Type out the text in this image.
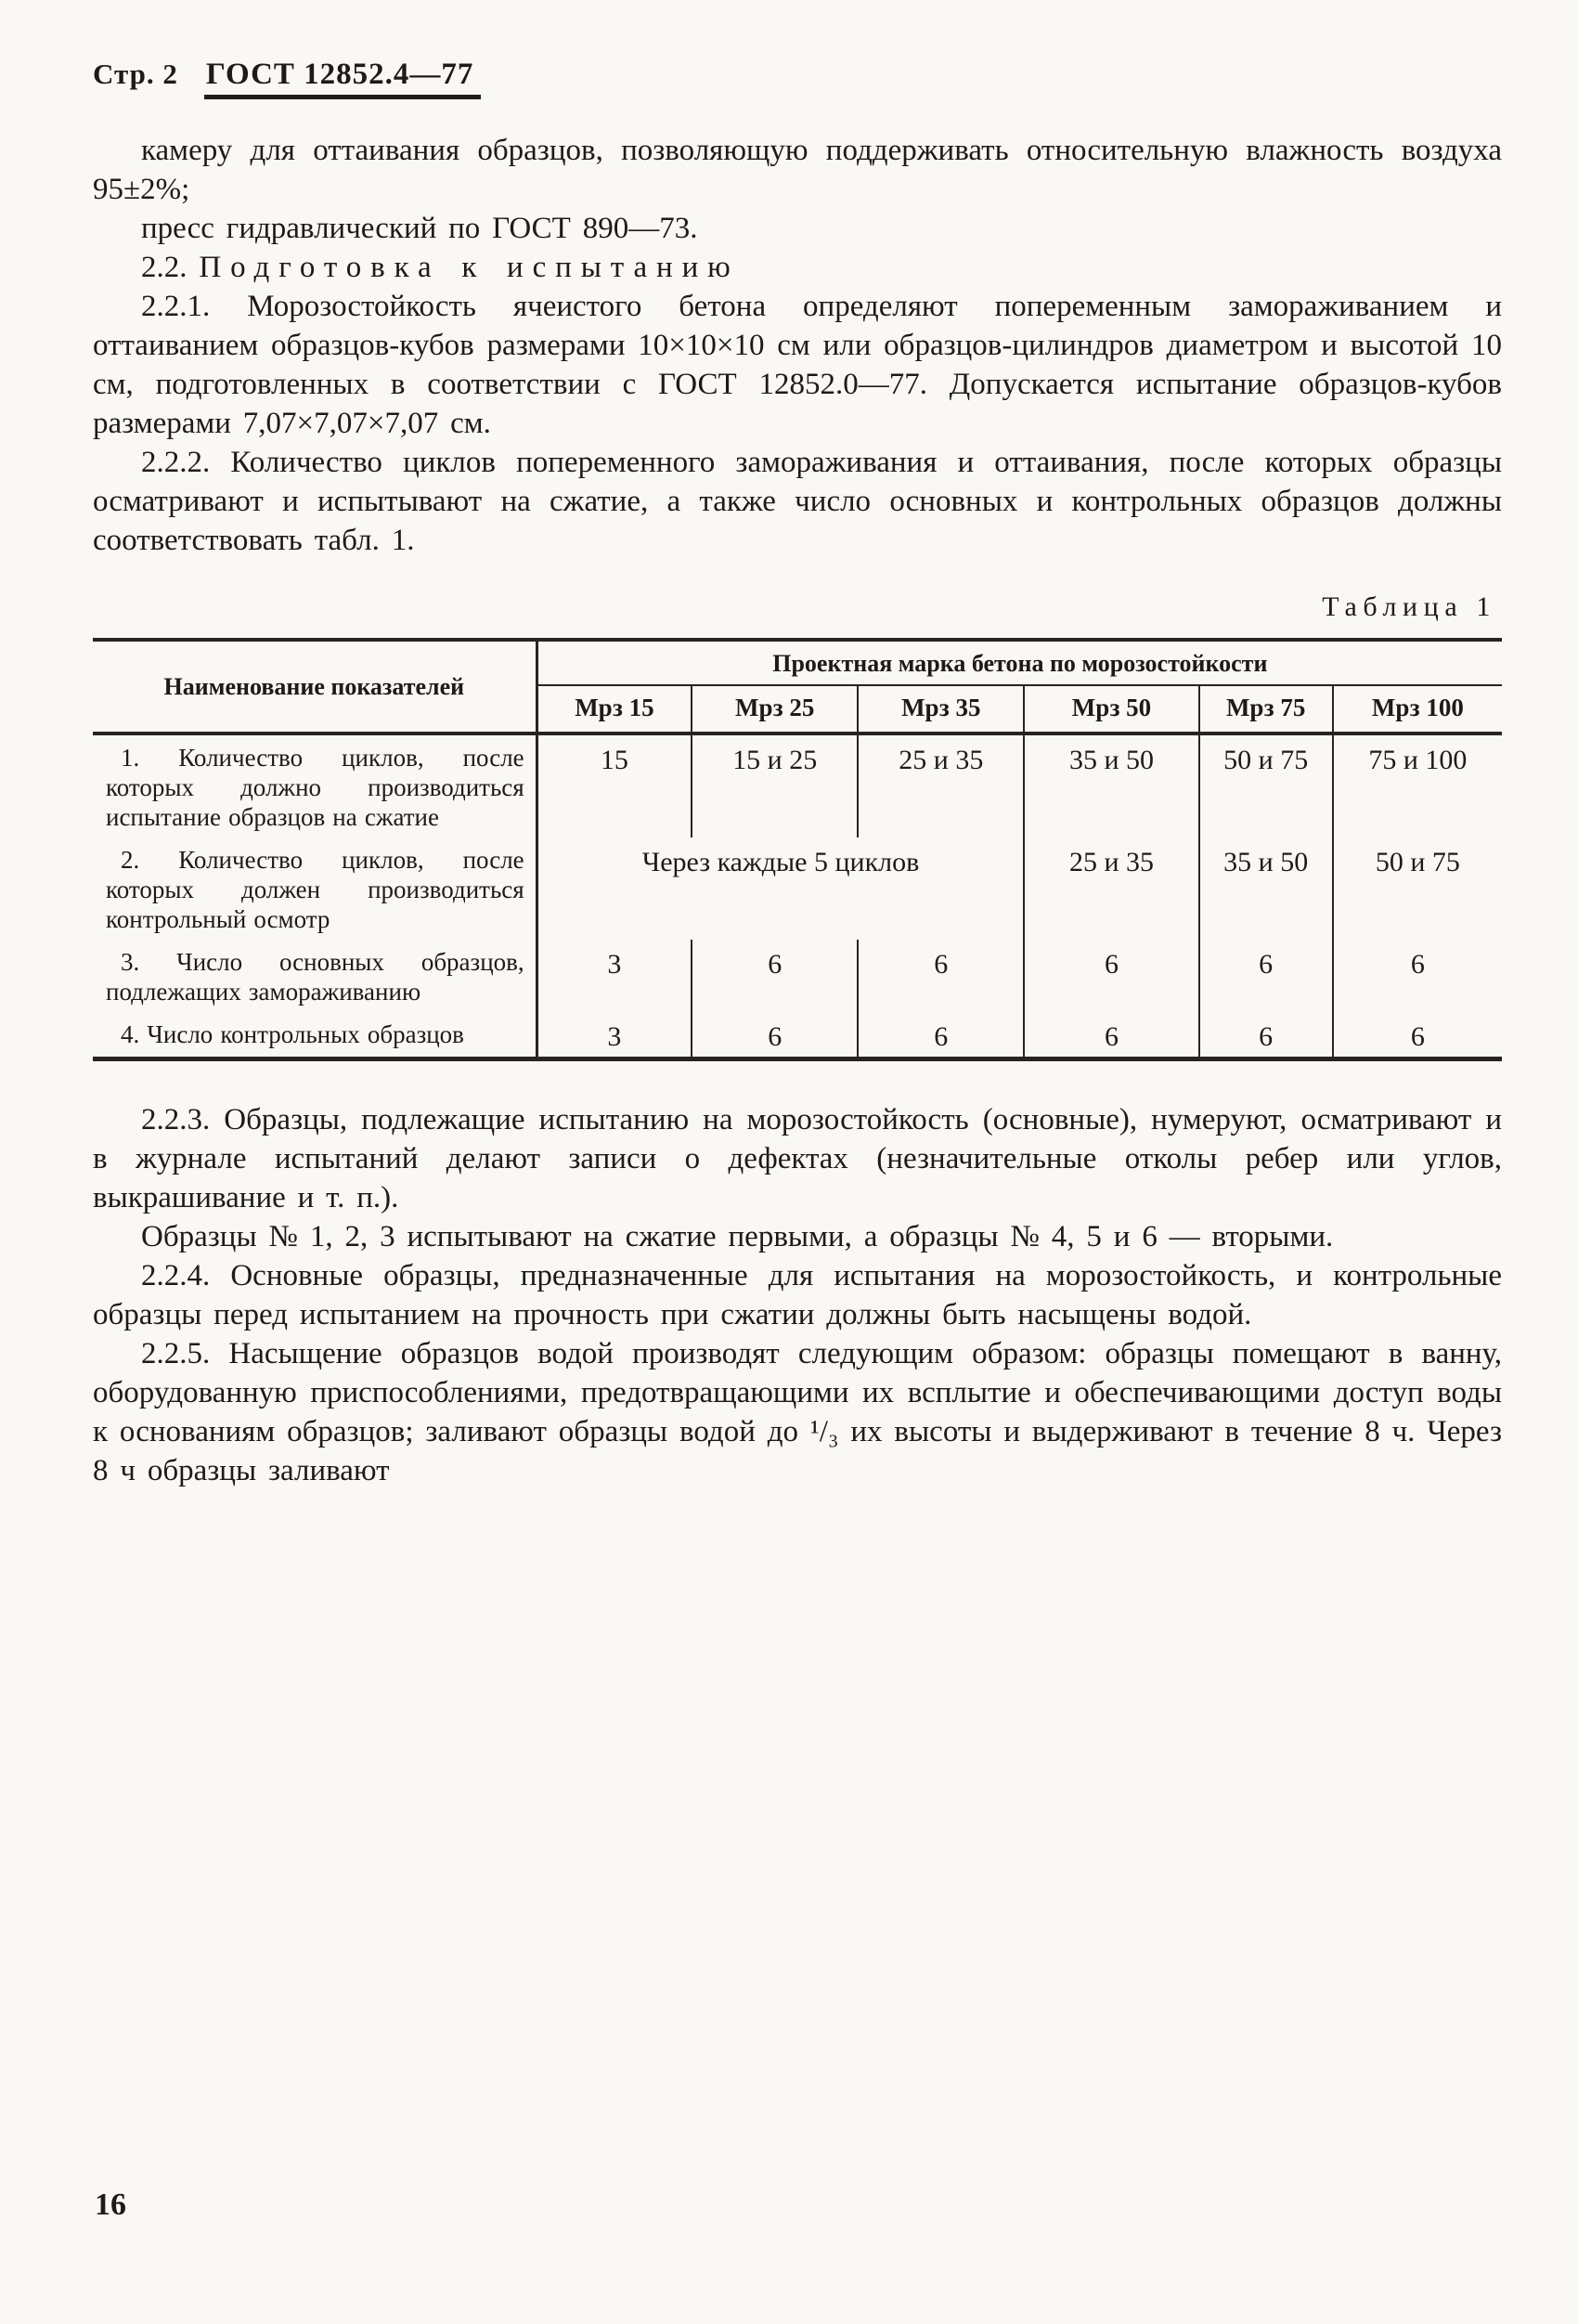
Стр. 2 ГОСТ 12852.4—77

камеру для оттаивания образцов, позволяющую поддерживать относительную влажность воздуха 95±2%;

пресс гидравлический по ГОСТ 890—73.

2.2. Подготовка к испытанию

2.2.1. Морозостойкость ячеистого бетона определяют попеременным замораживанием и оттаиванием образцов-кубов размерами 10×10×10 см или образцов-цилиндров диаметром и высотой 10 см, подготовленных в соответствии с ГОСТ 12852.0—77. Допускается испытание образцов-кубов размерами 7,07×7,07×7,07 см.

2.2.2. Количество циклов попеременного замораживания и оттаивания, после которых образцы осматривают и испытывают на сжатие, а также число основных и контрольных образцов должны соответствовать табл. 1.

Таблица 1
Наименование показателей	Проектная марка бетона по морозостойкости					
	Мрз 15	Мрз 25	Мрз 35	Мрз 50	Мрз 75	Мрз 100
1. Количество циклов, после которых должно производиться испытание образцов на сжатие	15	15 и 25	25 и 35	35 и 50	50 и 75	75 и 100
2. Количество циклов, после которых должен производиться контрольный осмотр	Через каждые 5 циклов			25 и 35	35 и 50	50 и 75
3. Число основных образцов, подлежащих замораживанию	3	6	6	6	6	6
4. Число контрольных образцов	3	6	6	6	6	6

2.2.3. Образцы, подлежащие испытанию на морозостойкость (основные), нумеруют, осматривают и в журнале испытаний делают записи о дефектах (незначительные отколы ребер или углов, выкрашивание и т. п.).

Образцы № 1, 2, 3 испытывают на сжатие первыми, а образцы № 4, 5 и 6 — вторыми.

2.2.4. Основные образцы, предназначенные для испытания на морозостойкость, и контрольные образцы перед испытанием на прочность при сжатии должны быть насыщены водой.

2.2.5. Насыщение образцов водой производят следующим образом: образцы помещают в ванну, оборудованную приспособлениями, предотвращающими их всплытие и обеспечивающими доступ воды к основаниям образцов; заливают образцы водой до ¹/₃ их высоты и выдерживают в течение 8 ч. Через 8 ч образцы заливают

16
